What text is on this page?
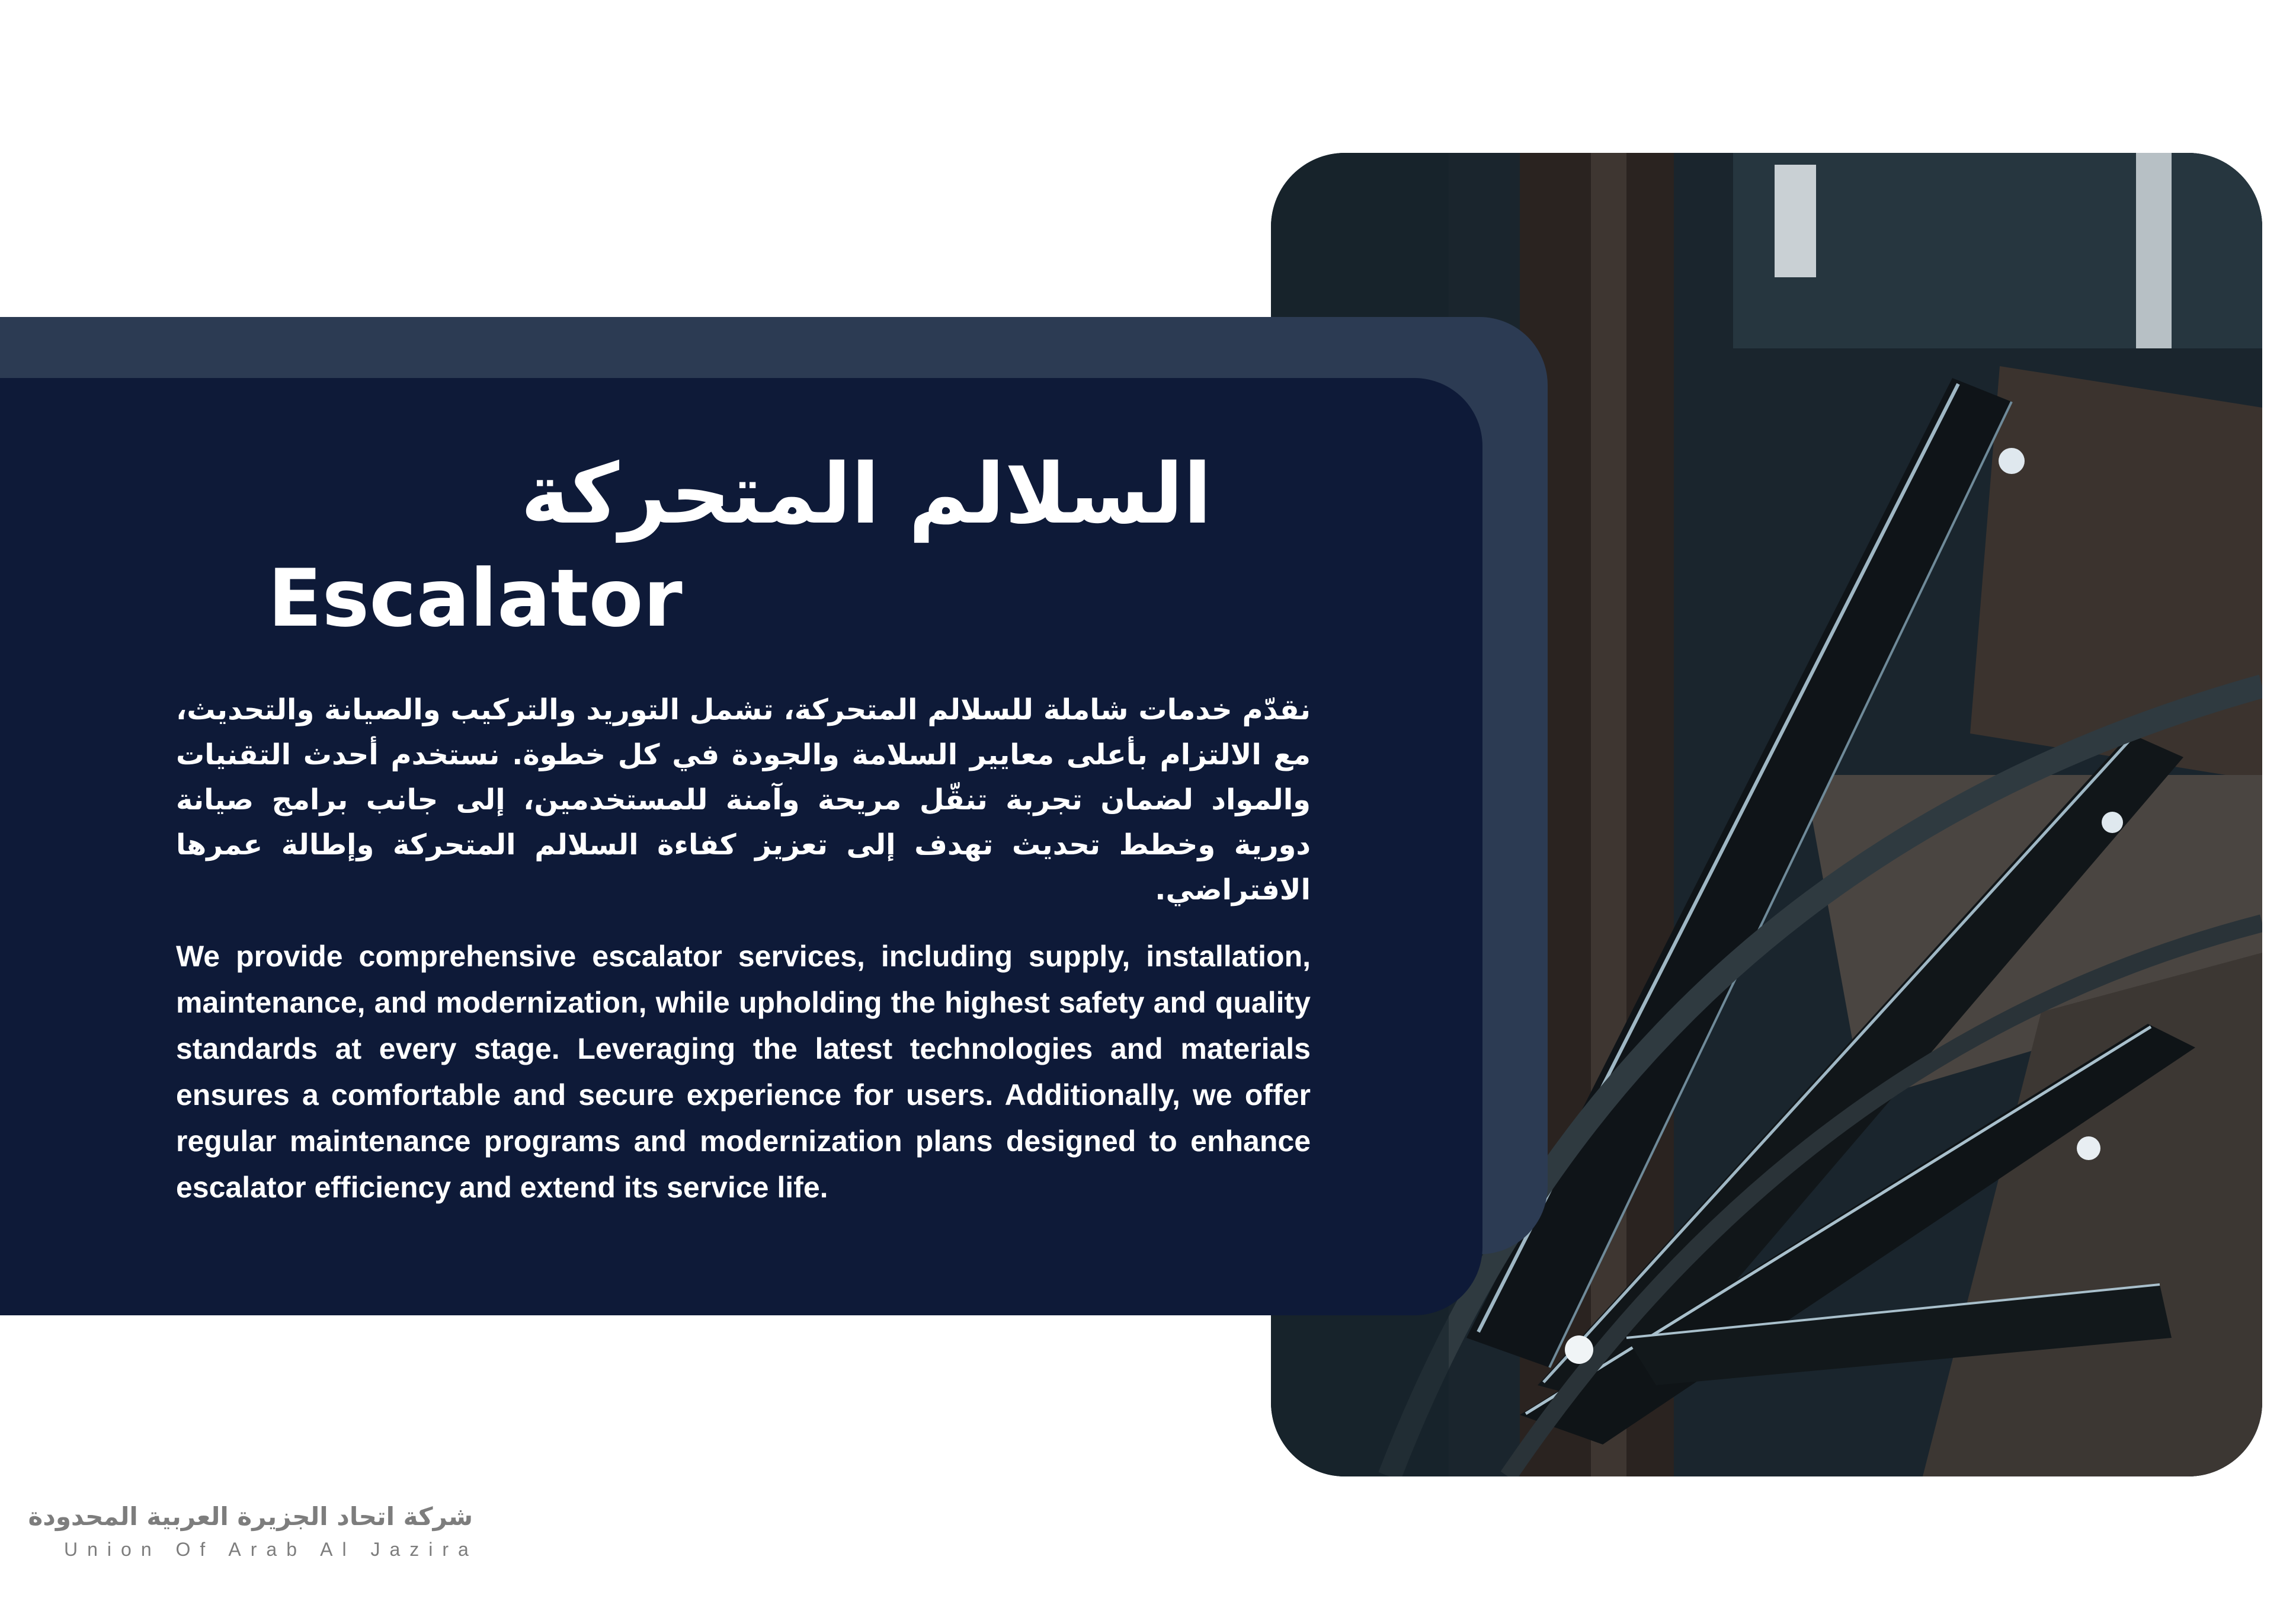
السلالم المتحركة
Escalator

نقدّم خدمات شاملة للسلالم المتحركة، تشمل التوريد والتركيب والصيانة والتحديث، مع الالتزام بأعلى معايير السلامة والجودة في كل خطوة. نستخدم أحدث التقنيات والمواد لضمان تجربة تنقّل مريحة وآمنة للمستخدمين، إلى جانب برامج صيانة دورية وخطط تحديث تهدف إلى تعزيز كفاءة السلالم المتحركة وإطالة عمرها الافتراضي.

We provide comprehensive escalator services, including supply, installation, maintenance, and modernization, while upholding the highest safety and quality standards at every stage. Leveraging the latest technologies and materials ensures a comfortable and secure experience for users. Additionally, we offer regular maintenance programs and modernization plans designed to enhance escalator efficiency and extend its service life.

شركة اتحاد الجزيرة العربية المحدودة
Union Of Arab Al Jazira
